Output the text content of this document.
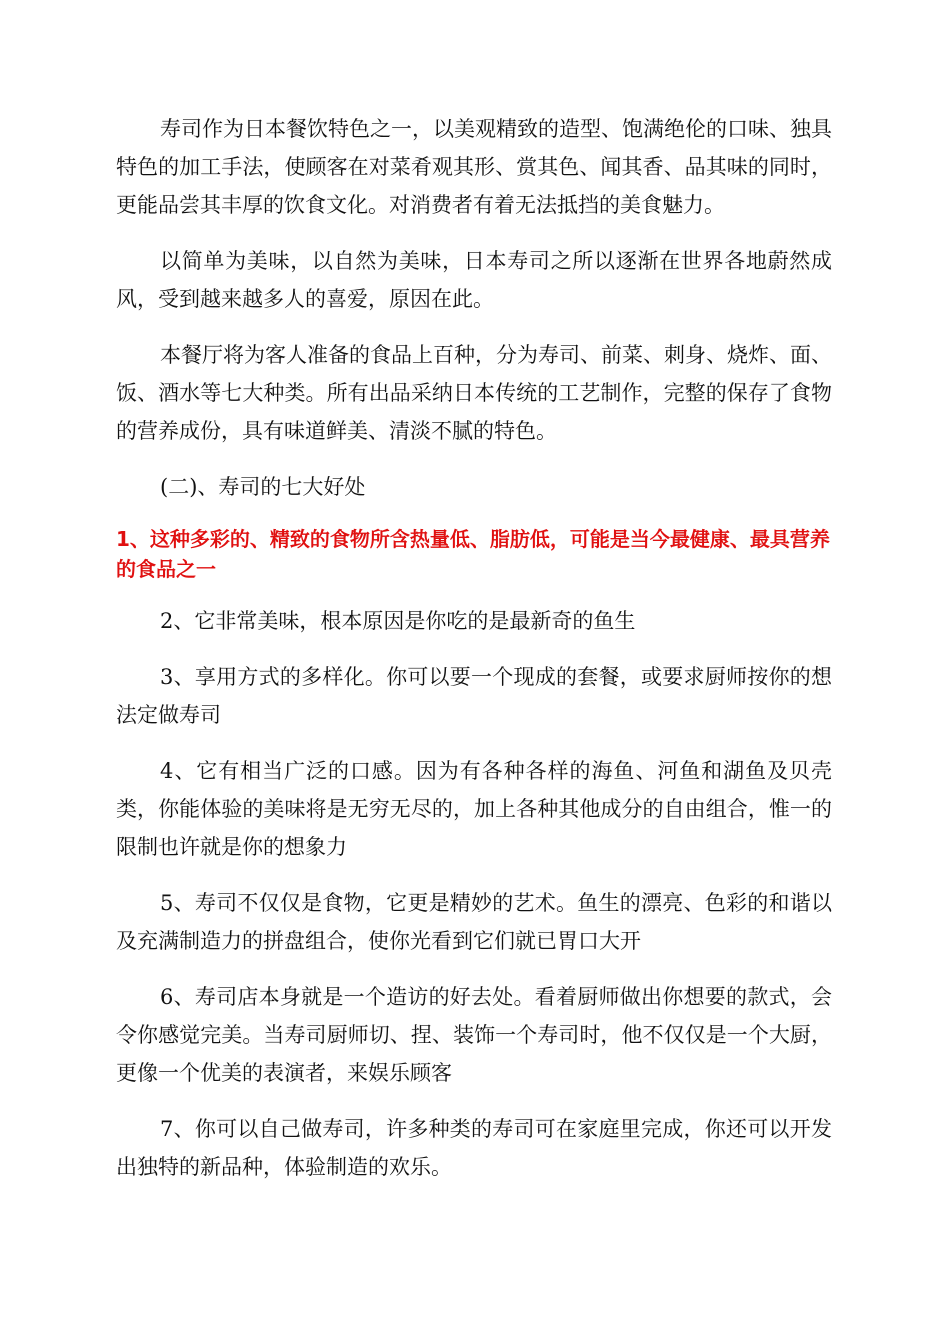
寿司作为日本餐饮特色之一，以美观精致的造型、饱满绝伦的口味、独具特色的加工手法，使顾客在对菜肴观其形、赏其色、闻其香、品其味的同时，更能品尝其丰厚的饮食文化。对消费者有着无法抵挡的美食魅力。

以简单为美味，以自然为美味，日本寿司之所以逐渐在世界各地蔚然成风，受到越来越多人的喜爱，原因在此。

本餐厅将为客人准备的食品上百种，分为寿司、前菜、刺身、烧炸、面、饭、酒水等七大种类。所有出品采纳日本传统的工艺制作，完整的保存了食物的营养成份，具有味道鲜美、清淡不腻的特色。

(二)、寿司的七大好处

1、这种多彩的、精致的食物所含热量低、脂肪低，可能是当今最健康、最具营养的食品之一

2、它非常美味，根本原因是你吃的是最新奇的鱼生

3、享用方式的多样化。你可以要一个现成的套餐，或要求厨师按你的想法定做寿司

4、它有相当广泛的口感。因为有各种各样的海鱼、河鱼和湖鱼及贝壳类，你能体验的美味将是无穷无尽的，加上各种其他成分的自由组合，惟一的限制也许就是你的想象力

5、寿司不仅仅是食物，它更是精妙的艺术。鱼生的漂亮、色彩的和谐以及充满制造力的拼盘组合，使你光看到它们就已胃口大开

6、寿司店本身就是一个造访的好去处。看着厨师做出你想要的款式，会令你感觉完美。当寿司厨师切、捏、装饰一个寿司时，他不仅仅是一个大厨，更像一个优美的表演者，来娱乐顾客

7、你可以自己做寿司，许多种类的寿司可在家庭里完成，你还可以开发出独特的新品种，体验制造的欢乐。
